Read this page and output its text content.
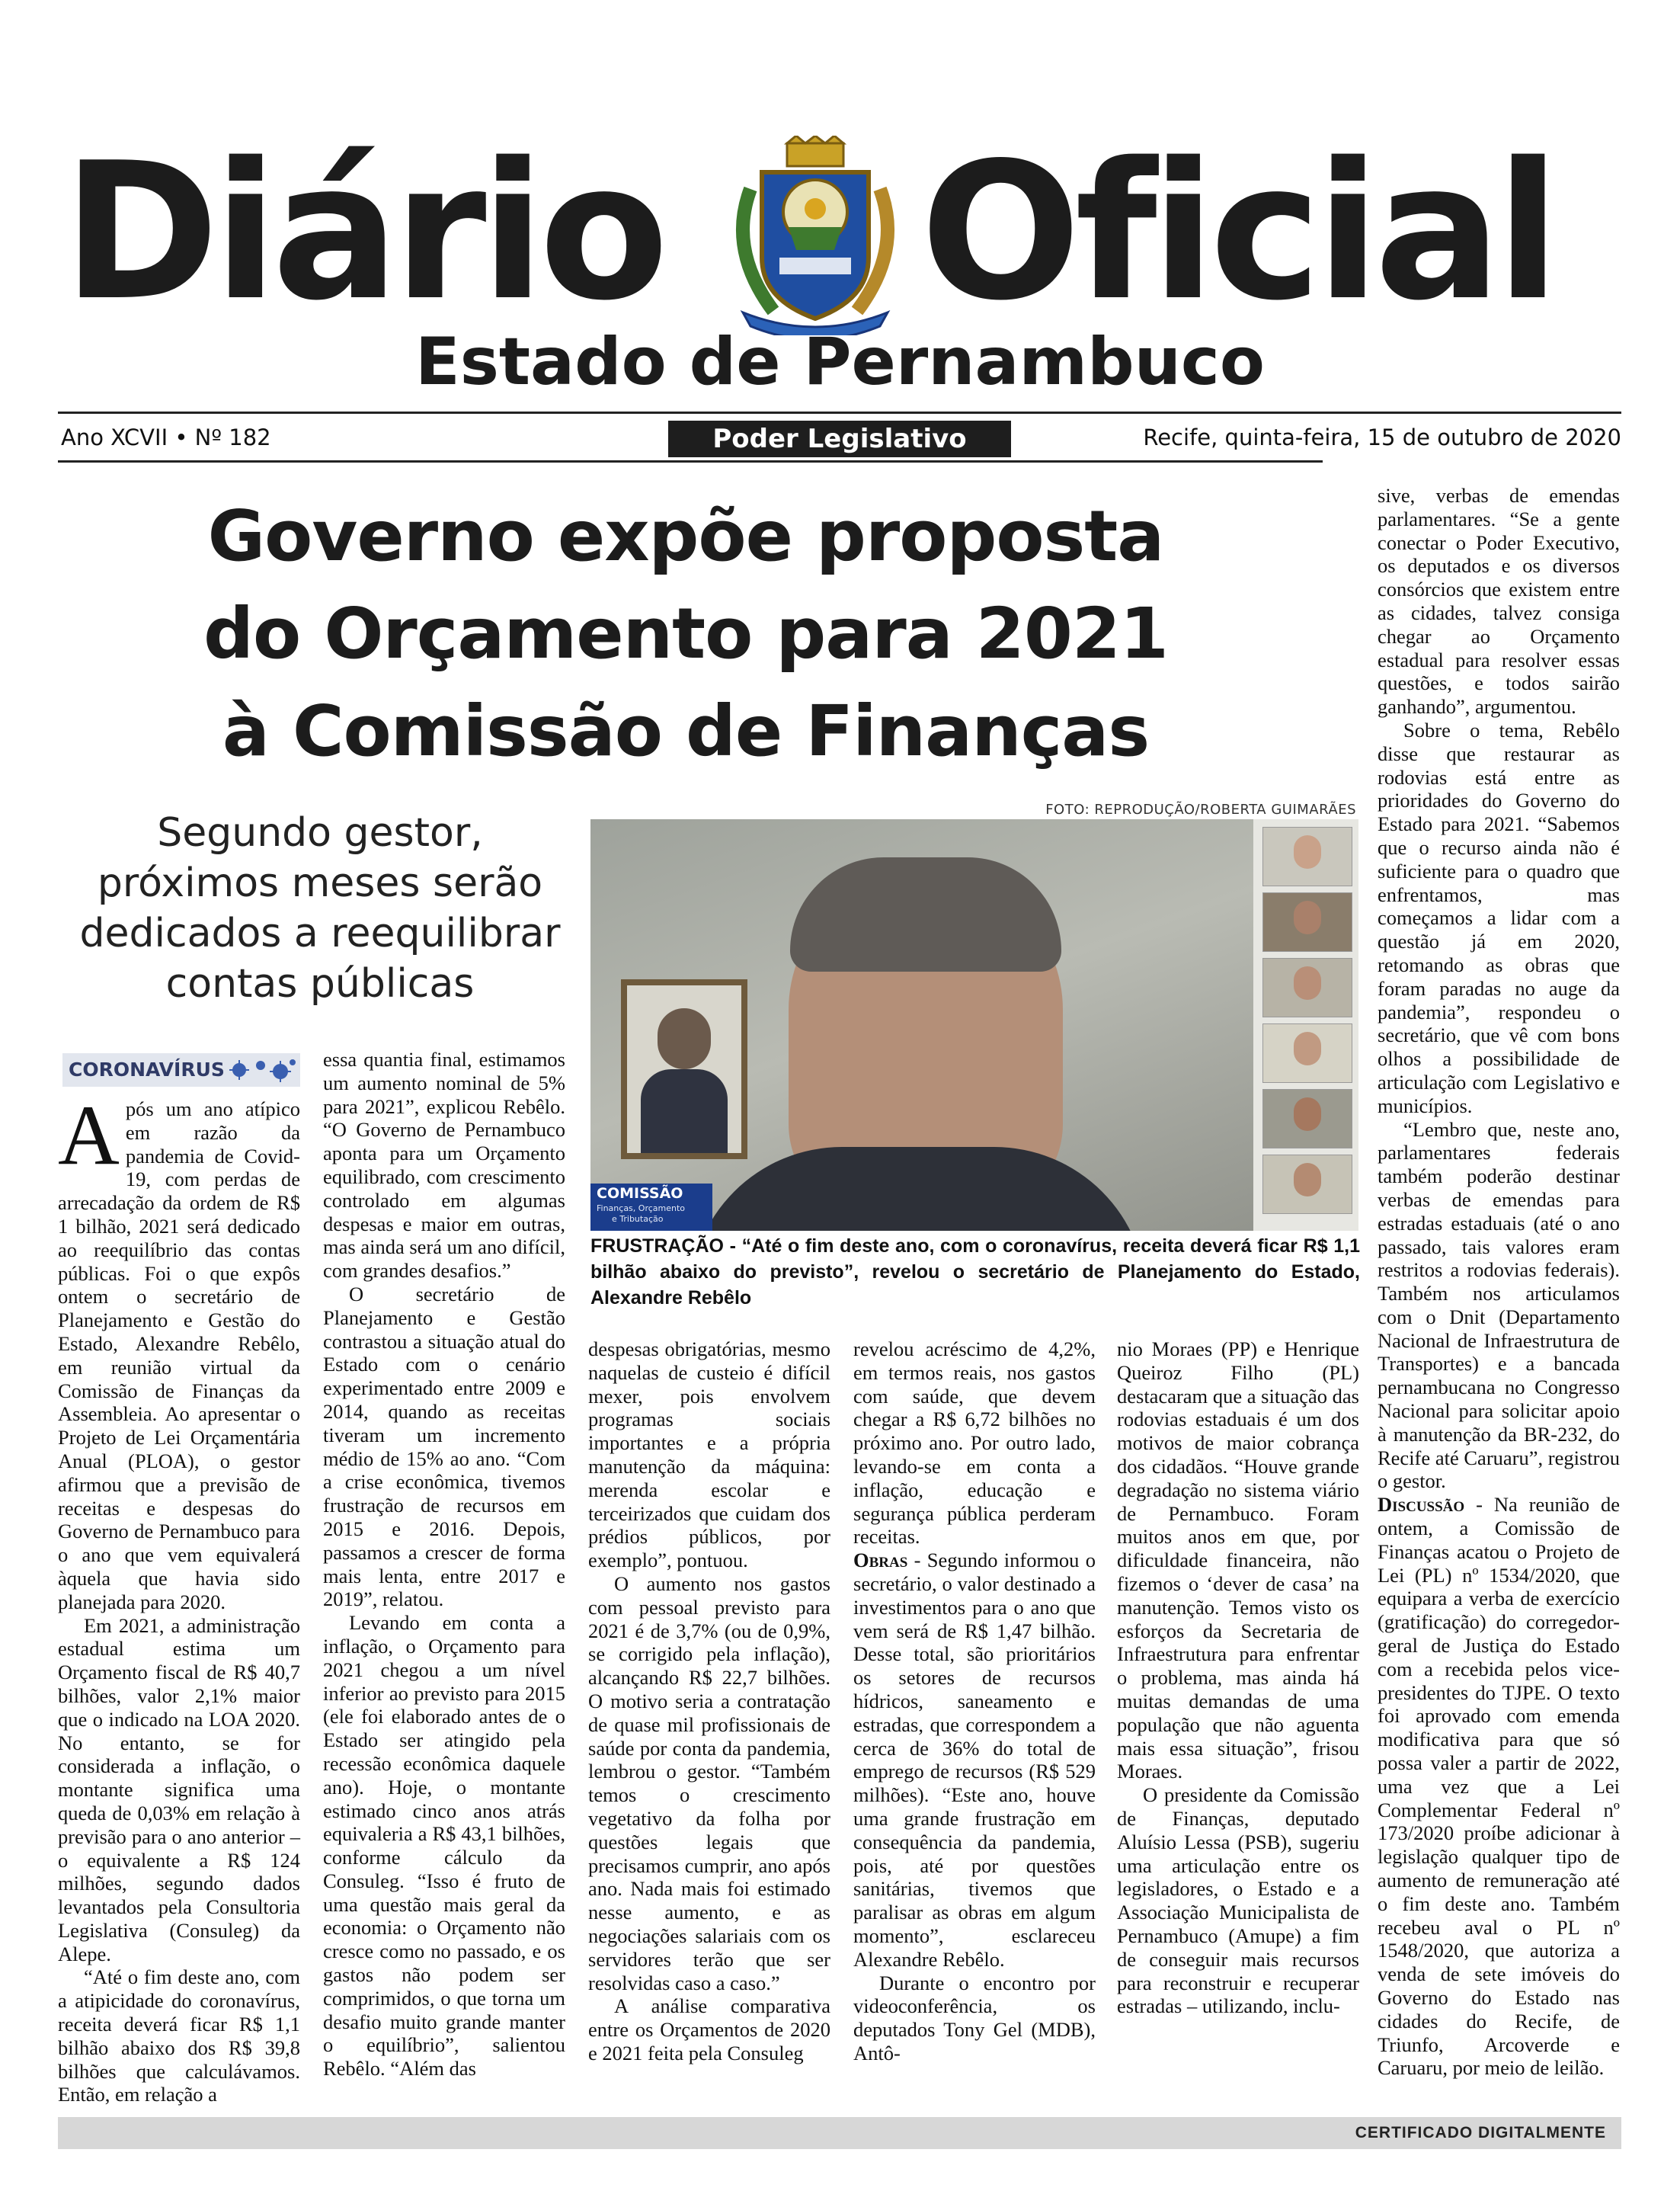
Diário Oficial
Estado de Pernambuco
Ano XCVII • Nº 182	Poder Legislativo	Recife, quinta-feira, 15 de outubro de 2020
Governo expõe proposta
do Orçamento para 2021
à Comissão de Finanças
Segundo gestor,
próximos meses serão
dedicados a reequilibrar
contas públicas
FOTO: REPRODUÇÃO/ROBERTA GUIMARÃES
COMISSÃO
Finanças, Orçamento
e Tributação
FRUSTRAÇÃO - “Até o fim deste ano, com o coronavírus, receita deverá ficar R$ 1,1 bilhão abaixo do previsto”, revelou o secretário de Planejamento do Estado, Alexandre Rebêlo
CORONAVÍRUS

Após um ano atípico em razão da pandemia de Covid-19, com perdas de arrecadação da ordem de R$ 1 bilhão, 2021 será dedicado ao reequilíbrio das contas públicas. Foi o que expôs ontem o secretário de Planejamento e Gestão do Estado, Alexandre Rebêlo, em reunião virtual da Comissão de Finanças da Assembleia. Ao apresentar o Projeto de Lei Orçamentária Anual (PLOA), o gestor afirmou que a previsão de receitas e despesas do Governo de Pernambuco para o ano que vem equivalerá àquela que havia sido planejada para 2020.

Em 2021, a administração estadual estima um Orçamento fiscal de R$ 40,7 bilhões, valor 2,1% maior que o indicado na LOA 2020. No entanto, se for considerada a inflação, o montante significa uma queda de 0,03% em relação à previsão para o ano anterior – o equivalente a R$ 124 milhões, segundo dados levantados pela Consultoria Legislativa (Consuleg) da Alepe.

“Até o fim deste ano, com a atipicidade do coronavírus, receita deverá ficar R$ 1,1 bilhão abaixo dos R$ 39,8 bilhões que calculávamos. Então, em relação a

essa quantia final, estimamos um aumento nominal de 5% para 2021”, explicou Rebêlo. “O Governo de Pernambuco aponta para um Orçamento equilibrado, com crescimento controlado em algumas despesas e maior em outras, mas ainda será um ano difícil, com grandes desafios.”

O secretário de Planejamento e Gestão contrastou a situação atual do Estado com o cenário experimentado entre 2009 e 2014, quando as receitas tiveram um incremento médio de 15% ao ano. “Com a crise econômica, tivemos frustração de recursos em 2015 e 2016. Depois, passamos a crescer de forma mais lenta, entre 2017 e 2019”, relatou.

Levando em conta a inflação, o Orçamento para 2021 chegou a um nível inferior ao previsto para 2015 (ele foi elaborado antes de o Estado ser atingido pela recessão econômica daquele ano). Hoje, o montante estimado cinco anos atrás equivaleria a R$ 43,1 bilhões, conforme cálculo da Consuleg. “Isso é fruto de uma questão mais geral da economia: o Orçamento não cresce como no passado, e os gastos não podem ser comprimidos, o que torna um desafio muito grande manter o equilíbrio”, salientou Rebêlo. “Além das

despesas obrigatórias, mesmo naquelas de custeio é difícil mexer, pois envolvem programas sociais importantes e a própria manutenção da máquina: merenda escolar e terceirizados que cuidam dos prédios públicos, por exemplo”, pontuou.

O aumento nos gastos com pessoal previsto para 2021 é de 3,7% (ou de 0,9%, se corrigido pela inflação), alcançando R$ 22,7 bilhões. O motivo seria a contratação de quase mil profissionais de saúde por conta da pandemia, lembrou o gestor. “Também temos o crescimento vegetativo da folha por questões legais que precisamos cumprir, ano após ano. Nada mais foi estimado nesse aumento, e as negociações salariais com os servidores terão que ser resolvidas caso a caso.”

A análise comparativa entre os Orçamentos de 2020 e 2021 feita pela Consuleg

revelou acréscimo de 4,2%, em termos reais, nos gastos com saúde, que devem chegar a R$ 6,72 bilhões no próximo ano. Por outro lado, levando-se em conta a inflação, educação e segurança pública perderam receitas.

Obras - Segundo informou o secretário, o valor destinado a investimentos para o ano que vem será de R$ 1,47 bilhão. Desse total, são prioritários os setores de recursos hídricos, saneamento e estradas, que correspondem a cerca de 36% do total de emprego de recursos (R$ 529 milhões). “Este ano, houve uma grande frustração em consequência da pandemia, pois, até por questões sanitárias, tivemos que paralisar as obras em algum momento”, esclareceu Alexandre Rebêlo.

Durante o encontro por videoconferência, os deputados Tony Gel (MDB), Antô-

nio Moraes (PP) e Henrique Queiroz Filho (PL) destacaram que a situação das rodovias estaduais é um dos motivos de maior cobrança dos cidadãos. “Houve grande degradação no sistema viário de Pernambuco. Foram muitos anos em que, por dificuldade financeira, não fizemos o ‘dever de casa’ na manutenção. Temos visto os esforços da Secretaria de Infraestrutura para enfrentar o problema, mas ainda há muitas demandas de uma população que não aguenta mais essa situação”, frisou Moraes.

O presidente da Comissão de Finanças, deputado Aluísio Lessa (PSB), sugeriu uma articulação entre os legisladores, o Estado e a Associação Municipalista de Pernambuco (Amupe) a fim de conseguir mais recursos para reconstruir e recuperar estradas – utilizando, inclu-

sive, verbas de emendas parlamentares. “Se a gente conectar o Poder Executivo, os deputados e os diversos consórcios que existem entre as cidades, talvez consiga chegar ao Orçamento estadual para resolver essas questões, e todos sairão ganhando”, argumentou.

Sobre o tema, Rebêlo disse que restaurar as rodovias está entre as prioridades do Governo do Estado para 2021. “Sabemos que o recurso ainda não é suficiente para o quadro que enfrentamos, mas começamos a lidar com a questão já em 2020, retomando as obras que foram paradas no auge da pandemia”, respondeu o secretário, que vê com bons olhos a possibilidade de articulação com Legislativo e municípios.

“Lembro que, neste ano, parlamentares federais também poderão destinar verbas de emendas para estradas estaduais (até o ano passado, tais valores eram restritos a rodovias federais). Também nos articulamos com o Dnit (Departamento Nacional de Infraestrutura de Transportes) e a bancada pernambucana no Congresso Nacional para solicitar apoio à manutenção da BR-232, do Recife até Caruaru”, registrou o gestor.

Discussão - Na reunião de ontem, a Comissão de Finanças acatou o Projeto de Lei (PL) nº 1534/2020, que equipara a verba de exercício (gratificação) do corregedor-geral de Justiça do Estado com a recebida pelos vice-presidentes do TJPE. O texto foi aprovado com emenda modificativa para que só possa valer a partir de 2022, uma vez que a Lei Complementar Federal nº 173/2020 proíbe adicionar à legislação qualquer tipo de aumento de remuneração até o fim deste ano. Também recebeu aval o PL nº 1548/2020, que autoriza a venda de sete imóveis do Governo do Estado nas cidades do Recife, de Triunfo, Arcoverde e Caruaru, por meio de leilão.

CERTIFICADO DIGITALMENTE
